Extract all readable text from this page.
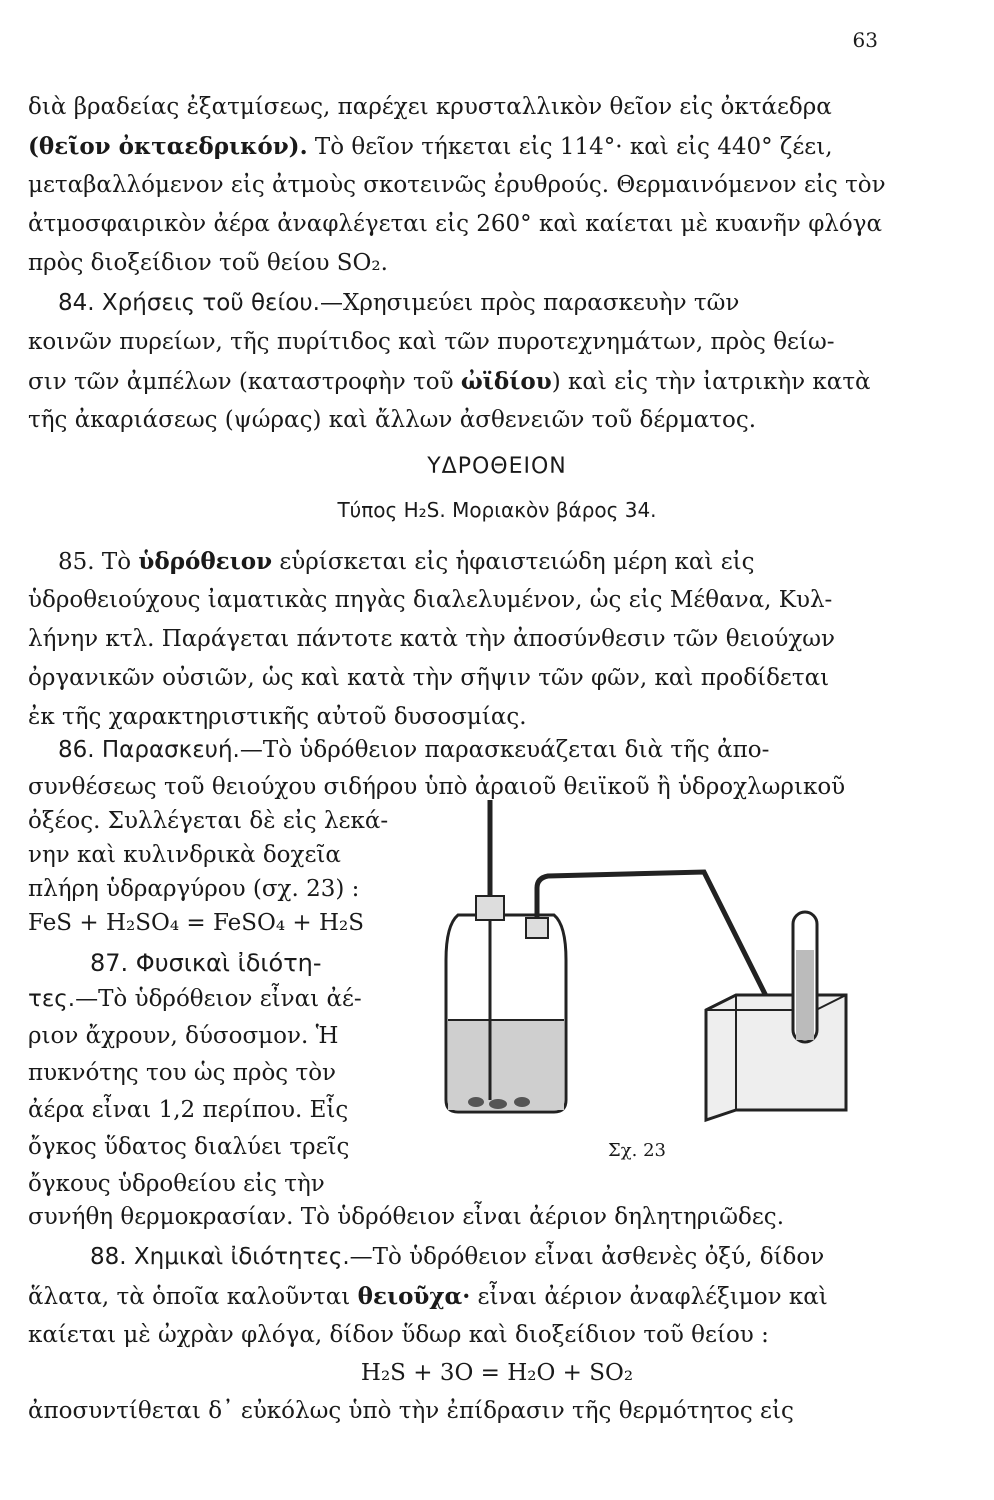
63
διὰ βραδείας ἐξατμίσεως, παρέχει κρυσταλλικὸν θεῖον εἰς ὀκτάεδρα
(θεῖον ὀκταεδρικόν). Τὸ θεῖον τήκεται εἰς 114°· καὶ εἰς 440° ζέει,
μεταβαλλόμενον εἰς ἀτμοὺς σκοτεινῶς ἐρυθρούς. Θερμαινόμενον εἰς τὸν
ἀτμοσφαιρικὸν ἀέρα ἀναφλέγεται εἰς 260° καὶ καίεται μὲ κυανῆν φλόγα
πρὸς διοξείδιον τοῦ θείου SO₂.
84. Χρήσεις τοῦ θείου.—Χρησιμεύει πρὸς παρασκευὴν τῶν
κοινῶν πυρείων, τῆς πυρίτιδος καὶ τῶν πυροτεχνημάτων, πρὸς θείω-
σιν τῶν ἀμπέλων (καταστροφὴν τοῦ ὠϊδίου) καὶ εἰς τὴν ἰατρικὴν κατὰ
τῆς ἀκαριάσεως (ψώρας) καὶ ἄλλων ἀσθενειῶν τοῦ δέρματος.
ΥΔΡΟΘΕΙΟΝ
Τύπος H₂S. Μοριακὸν βάρος 34.
85. Τὸ ὑδρόθειον εὑρίσκεται εἰς ἡφαιστειώδη μέρη καὶ εἰς
ὑδροθειούχους ἰαματικὰς πηγὰς διαλελυμένον, ὡς εἰς Μέθανα, Κυλ-
λήνην κτλ. Παράγεται πάντοτε κατὰ τὴν ἀποσύνθεσιν τῶν θειούχων
ὀργανικῶν οὐσιῶν, ὡς καὶ κατὰ τὴν σῆψιν τῶν φῶν, καὶ προδίδεται
ἐκ τῆς χαρακτηριστικῆς αὐτοῦ δυσοσμίας.
86. Παρασκευή.—Τὸ ὑδρόθειον παρασκευάζεται διὰ τῆς ἀπο-
συνθέσεως τοῦ θειούχου σιδήρου ὑπὸ ἀραιοῦ θειϊκοῦ ἢ ὑδροχλωρικοῦ
ὀξέος. Συλλέγεται δὲ εἰς λεκά-
νην καὶ κυλινδρικὰ δοχεῖα
πλήρη ὑδραργύρου (σχ. 23) :
FeS + H₂SO₄ = FeSO₄ + H₂S
87. Φυσικαὶ ἰδιότη-
τες.—Τὸ ὑδρόθειον εἶναι ἀέ-
ριον ἄχρουν, δύσοσμον. Ἡ
πυκνότης του ὡς πρὸς τὸν
ἀέρα εἶναι 1,2 περίπου. Εἷς
ὄγκος ὕδατος διαλύει τρεῖς
ὄγκους ὑδροθείου εἰς τὴν
συνήθη θερμοκρασίαν. Τὸ ὑδρόθειον εἶναι ἀέριον δηλητηριῶδες.
Σχ. 23
88. Χημικαὶ ἰδιότητες.—Τὸ ὑδρόθειον εἶναι ἀσθενὲς ὀξύ, δίδον
ἅλατα, τὰ ὁποῖα καλοῦνται θειοῦχα· εἶναι ἀέριον ἀναφλέξιμον καὶ
καίεται μὲ ὠχρὰν φλόγα, δίδον ὕδωρ καὶ διοξείδιον τοῦ θείου :
H₂S + 3O = H₂O + SO₂
ἀποσυντίθεται δ᾽ εὐκόλως ὑπὸ τὴν ἐπίδρασιν τῆς θερμότητος εἰς
